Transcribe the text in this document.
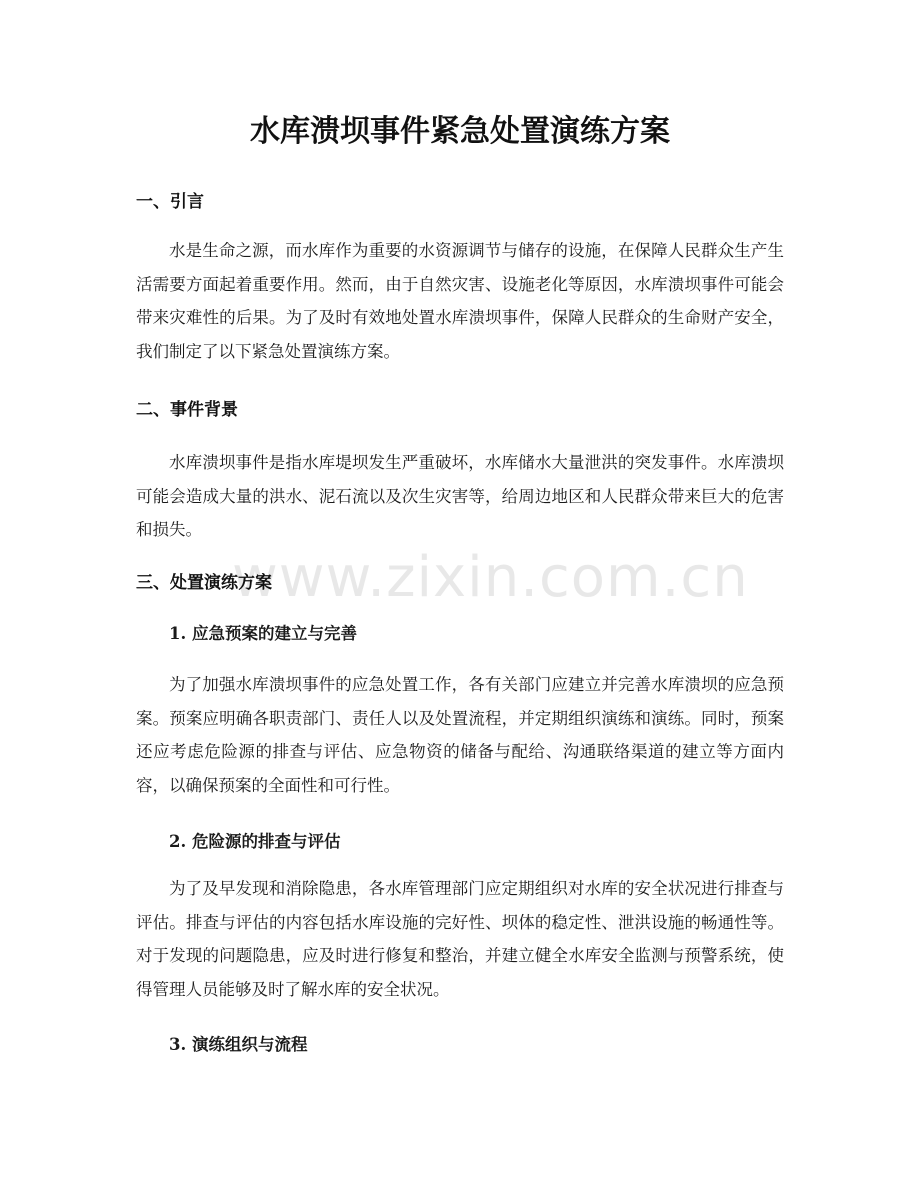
www.zixin.com.cn
水库溃坝事件紧急处置演练方案
一、引言

水是生命之源，而水库作为重要的水资源调节与储存的设施，在保障人民群众生产生活需要方面起着重要作用。然而，由于自然灾害、设施老化等原因，水库溃坝事件可能会带来灾难性的后果。为了及时有效地处置水库溃坝事件，保障人民群众的生命财产安全，我们制定了以下紧急处置演练方案。

二、事件背景

水库溃坝事件是指水库堤坝发生严重破坏，水库储水大量泄洪的突发事件。水库溃坝可能会造成大量的洪水、泥石流以及次生灾害等，给周边地区和人民群众带来巨大的危害和损失。

三、处置演练方案
1. 应急预案的建立与完善

为了加强水库溃坝事件的应急处置工作，各有关部门应建立并完善水库溃坝的应急预案。预案应明确各职责部门、责任人以及处置流程，并定期组织演练和演练。同时，预案还应考虑危险源的排查与评估、应急物资的储备与配给、沟通联络渠道的建立等方面内容，以确保预案的全面性和可行性。

2. 危险源的排查与评估

为了及早发现和消除隐患，各水库管理部门应定期组织对水库的安全状况进行排查与评估。排查与评估的内容包括水库设施的完好性、坝体的稳定性、泄洪设施的畅通性等。对于发现的问题隐患，应及时进行修复和整治，并建立健全水库安全监测与预警系统，使得管理人员能够及时了解水库的安全状况。

3. 演练组织与流程
